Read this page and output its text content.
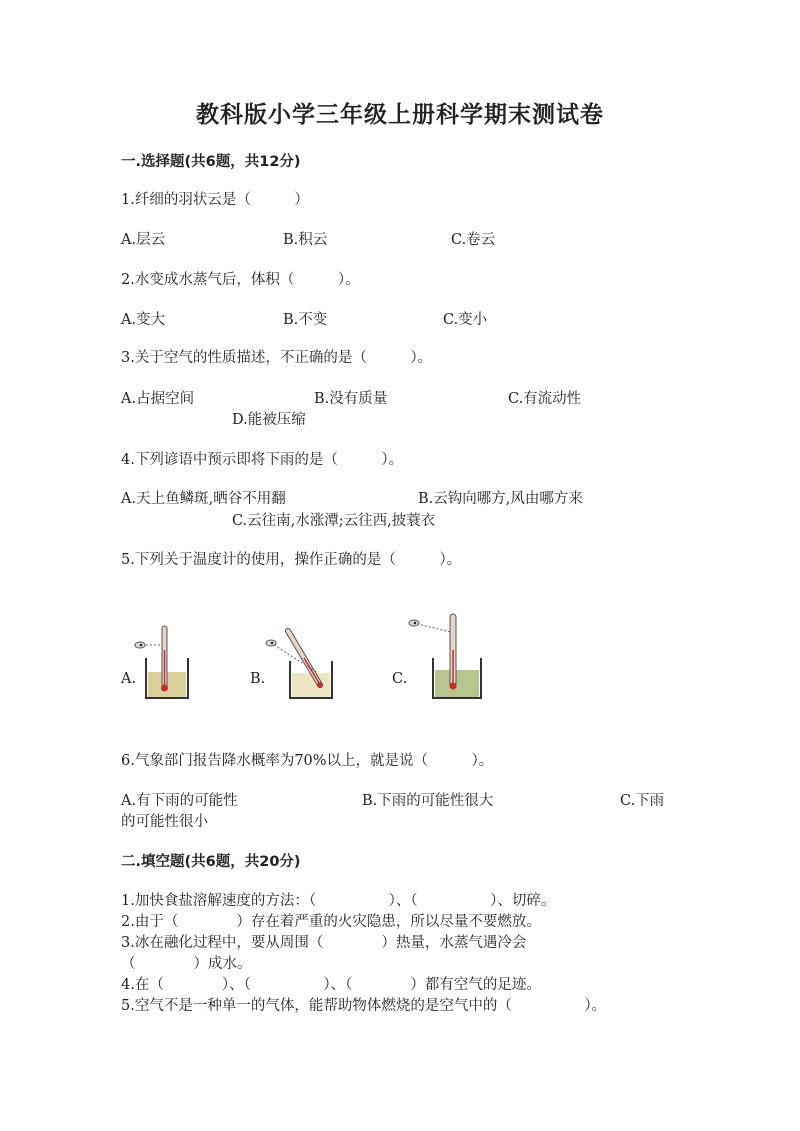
教科版小学三年级上册科学期末测试卷
一.选择题(共6题，共12分)
1.纤细的羽状云是（　　　）
A.层云	B.积云	C.卷云
2.水变成水蒸气后，体积（　　　）。
A.变大	B.不变	C.变小
3.关于空气的性质描述，不正确的是（　　　）。
A.占据空间	B.没有质量	C.有流动性
D.能被压缩
4.下列谚语中预示即将下雨的是（　　　）。
A.天上鱼鳞斑,晒谷不用翻	B.云钩向哪方,风由哪方来
C.云往南,水涨潭;云往西,披蓑衣
5.下列关于温度计的使用，操作正确的是（　　　）。
A.	B.	C.
6.气象部门报告降水概率为70%以上，就是说（　　　）。
A.有下雨的可能性	B.下雨的可能性很大	C.下雨
的可能性很小
二.填空题(共6题，共20分)
1.加快食盐溶解速度的方法：（　　　　　）、（　　　　　）、切碎。
2.由于（　　　　）存在着严重的火灾隐患，所以尽量不要燃放。
3.冰在融化过程中，要从周围（　　　　）热量，水蒸气遇冷会
（　　　　）成水。
4.在（　　　　）、（　　　　　）、（　　　　）都有空气的足迹。
5.空气不是一种单一的气体，能帮助物体燃烧的是空气中的（　　　　　）。
